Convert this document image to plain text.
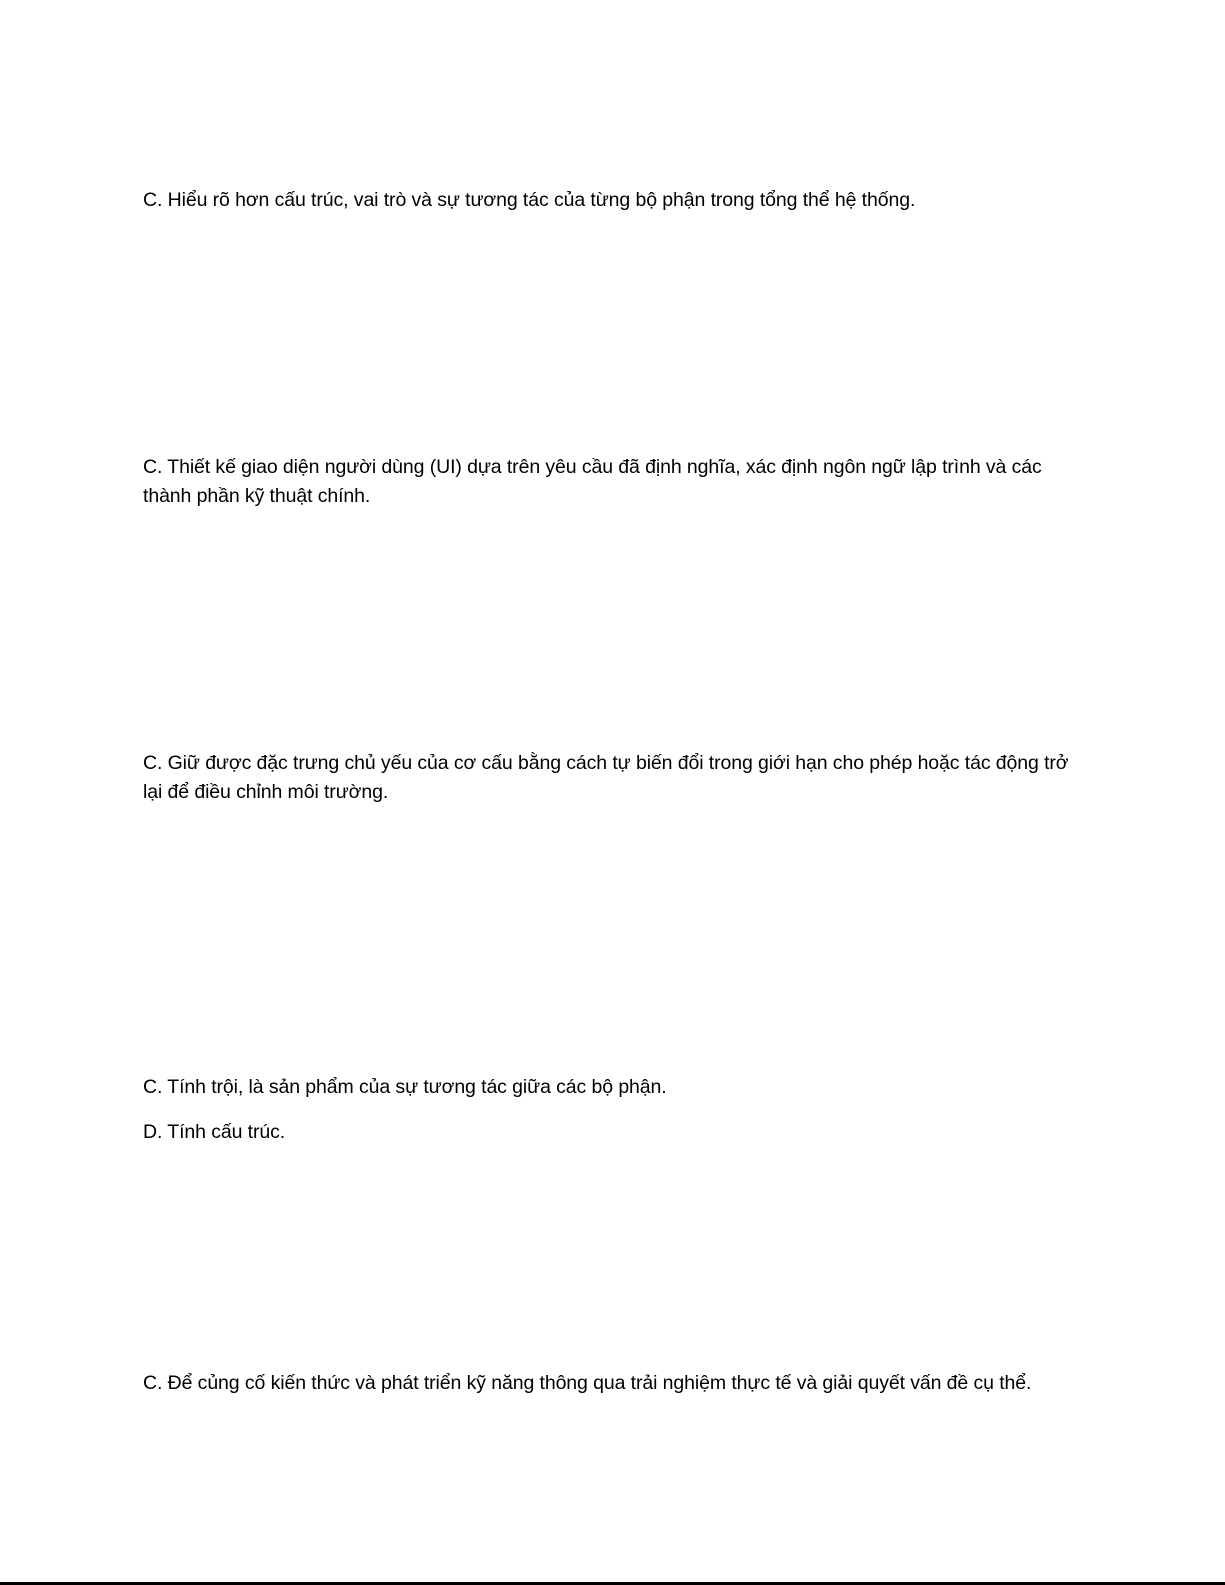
C. Hiểu rõ hơn cấu trúc, vai trò và sự tương tác của từng bộ phận trong tổng thể hệ thống.

C. Thiết kế giao diện người dùng (UI) dựa trên yêu cầu đã định nghĩa, xác định ngôn ngữ lập trình và các thành phần kỹ thuật chính.

C. Giữ được đặc trưng chủ yếu của cơ cấu bằng cách tự biến đổi trong giới hạn cho phép hoặc tác động trở lại để điều chỉnh môi trường.

C. Tính trội, là sản phẩm của sự tương tác giữa các bộ phận.

D. Tính cấu trúc.

C. Để củng cố kiến thức và phát triển kỹ năng thông qua trải nghiệm thực tế và giải quyết vấn đề cụ thể.
